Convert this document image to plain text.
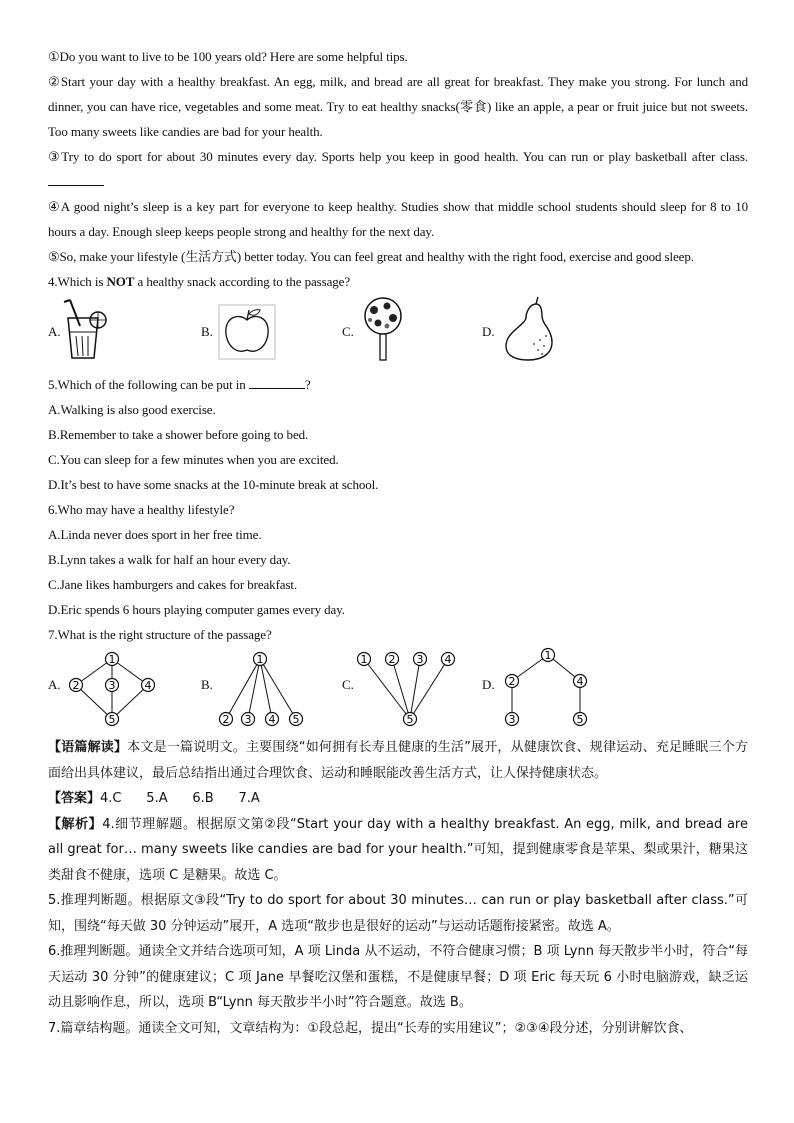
①Do you want to live to be 100 years old? Here are some helpful tips.
②Start your day with a healthy breakfast. An egg, milk, and bread are all great for breakfast. They make you strong. For lunch and dinner, you can have rice, vegetables and some meat. Try to eat healthy snacks(零食) like an apple, a pear or fruit juice but not sweets. Too many sweets like candies are bad for your health.
③Try to do sport for about 30 minutes every day. Sports help you keep in good health. You can run or play basketball after class.
④A good night’s sleep is a key part for everyone to keep healthy. Studies show that middle school students should sleep for 8 to 10 hours a day. Enough sleep keeps people strong and healthy for the next day.
⑤So, make your lifestyle (生活方式) better today. You can feel great and healthy with the right food, exercise and good sleep.
4.Which is NOT a healthy snack according to the passage?
A.	B.	C.	D.
5.Which of the following can be put in	?
A.Walking is also good exercise.
B.Remember to take a shower before going to bed.
C.You can sleep for a few minutes when you are excited.
D.It’s best to have some snacks at the 10-minute break at school.
6.Who may have a healthy lifestyle?
A.Linda never does sport in her free time.
B.Lynn takes a walk for half an hour every day.
C.Jane likes hamburgers and cakes for breakfast.
D.Eric spends 6 hours playing computer games every day.
7.What is the right structure of the passage?
A.
1
2	3	4
5
B.
1
2 3 4 5
C.
1 2 3 4
5
D.
1
2	4
3	5
【语篇解读】本文是一篇说明文。主要围绕“如何拥有长寿且健康的生活”展开，从健康饮食、规律运动、充足睡眠三个方面给出具体建议，最后总结指出通过合理饮食、运动和睡眠能改善生活方式，让人保持健康状态。
【答案】4.C      5.A      6.B      7.A
【解析】4.细节理解题。根据原文第②段“Start your day with a healthy breakfast. An egg, milk, and bread are all great for… many sweets like candies are bad for your health.”可知，提到健康零食是苹果、梨或果汁，糖果这类甜食不健康，选项 C 是糖果。故选 C。
5.推理判断题。根据原文③段“Try to do sport for about 30 minutes… can run or play basketball after class.”可知，围绕“每天做 30 分钟运动”展开，A 选项“散步也是很好的运动”与运动话题衔接紧密。故选 A。
6.推理判断题。通读全文并结合选项可知，A 项 Linda 从不运动，不符合健康习惯；B 项 Lynn 每天散步半小时，符合“每天运动 30 分钟”的健康建议；C 项 Jane 早餐吃汉堡和蛋糕，不是健康早餐；D 项 Eric 每天玩 6 小时电脑游戏，缺乏运动且影响作息，所以，选项 B“Lynn 每天散步半小时”符合题意。故选 B。
7.篇章结构题。通读全文可知，文章结构为：①段总起，提出“长寿的实用建议”；②③④段分述，分别讲解饮食、
